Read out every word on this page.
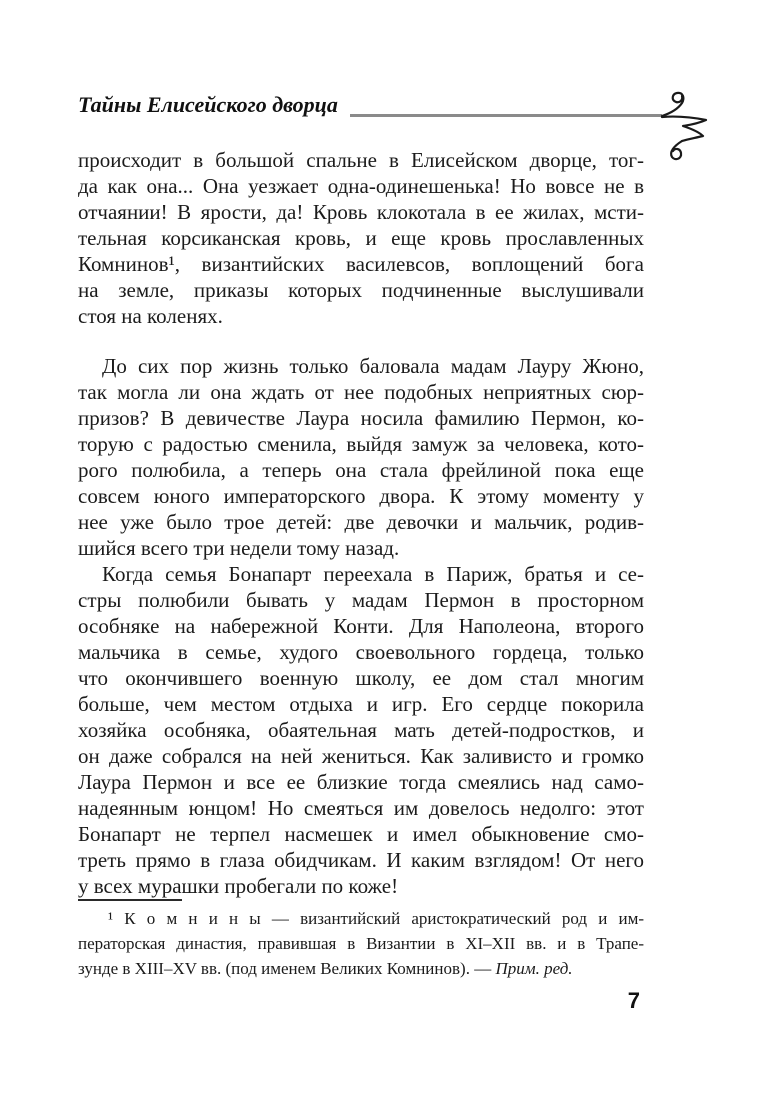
Тайны Елисейского дворца
происходит в большой спальне в Елисейском дворце, тог-
да как она... Она уезжает одна-одинешенька! Но вовсе не в
отчаянии! В ярости, да! Кровь клокотала в ее жилах, мсти-
тельная корсиканская кровь, и еще кровь прославленных
Комнинов¹, византийских василевсов, воплощений бога
на земле, приказы которых подчиненные выслушивали
стоя на коленях.
До сих пор жизнь только баловала мадам Лауру Жюно,
так могла ли она ждать от нее подобных неприятных сюр-
призов? В девичестве Лаура носила фамилию Пермон, ко-
торую с радостью сменила, выйдя замуж за человека, кото-
рого полюбила, а теперь она стала фрейлиной пока еще
совсем юного императорского двора. К этому моменту у
нее уже было трое детей: две девочки и мальчик, родив-
шийся всего три недели тому назад.
Когда семья Бонапарт переехала в Париж, братья и се-
стры полюбили бывать у мадам Пермон в просторном
особняке на набережной Конти. Для Наполеона, второго
мальчика в семье, худого своевольного гордеца, только
что окончившего военную школу, ее дом стал многим
больше, чем местом отдыха и игр. Его сердце покорила
хозяйка особняка, обаятельная мать детей-подростков, и
он даже собрался на ней жениться. Как заливисто и громко
Лаура Пермон и все ее близкие тогда смеялись над само-
надеянным юнцом! Но смеяться им довелось недолго: этот
Бонапарт не терпел насмешек и имел обыкновение смо-
треть прямо в глаза обидчикам. И каким взглядом! От него
у всех мурашки пробегали по коже!
¹ К о м н и н ы — византийский аристократический род и им-
ператорская династия, правившая в Византии в XI–XII вв. и в Трапе-
зунде в XIII–XV вв. (под именем Великих Комнинов). — Прим. ред.
7
